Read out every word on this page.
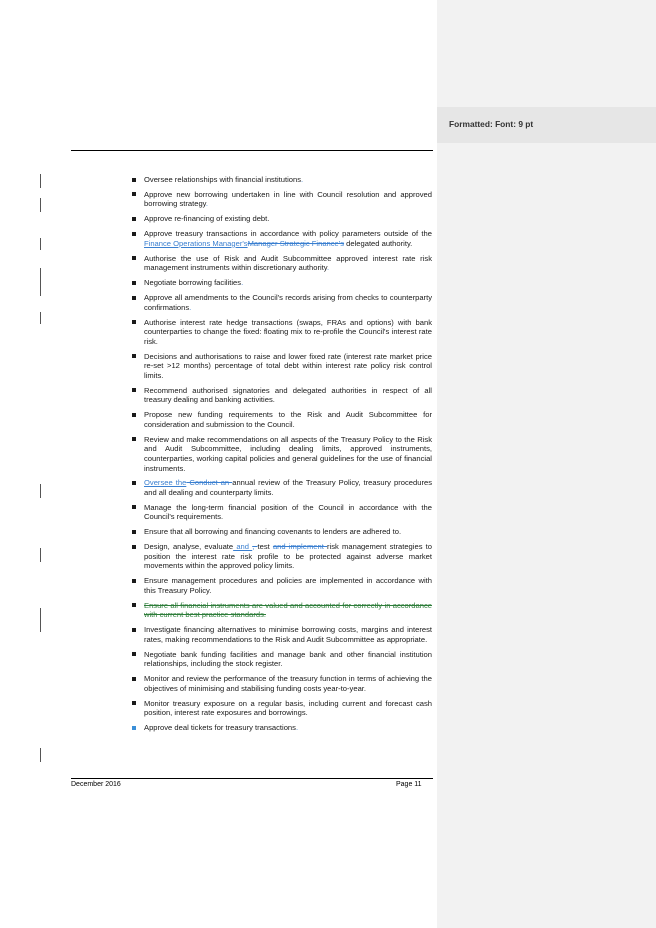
Oversee relationships with financial institutions.
Approve new borrowing undertaken in line with Council resolution and approved borrowing strategy.
Approve re-financing of existing debt.
Approve treasury transactions in accordance with policy parameters outside of the Finance Operations Manager'sManager Strategic Finance's delegated authority.
Authorise the use of Risk and Audit Subcommittee approved interest rate risk management instruments within discretionary authority.
Negotiate borrowing facilities.
Approve all amendments to the Council's records arising from checks to counterparty confirmations.
Authorise interest rate hedge transactions (swaps, FRAs and options) with bank counterparties to change the fixed: floating mix to re-profile the Council's interest rate risk.
Decisions and authorisations to raise and lower fixed rate (interest rate market price re-set >12 months) percentage of total debt within interest rate policy risk control limits.
Recommend authorised signatories and delegated authorities in respect of all treasury dealing and banking activities.
Propose new funding requirements to the Risk and Audit Subcommittee for consideration and submission to the Council.
Review and make recommendations on all aspects of the Treasury Policy to the Risk and Audit Subcommittee, including dealing limits, approved instruments, counterparties, working capital policies and general guidelines for the use of financial instruments.
Oversee the Conduct an annual review of the Treasury Policy, treasury procedures and all dealing and counterparty limits.
Manage the long-term financial position of the Council in accordance with the Council's requirements.
Ensure that all borrowing and financing covenants to lenders are adhered to.
Design, analyse, evaluate and , test and implement risk management strategies to position the interest rate risk profile to be protected against adverse market movements within the approved policy limits.
Ensure management procedures and policies are implemented in accordance with this Treasury Policy.
Ensure all financial instruments are valued and accounted for correctly in accordance with current best practice standards.
Investigate financing alternatives to minimise borrowing costs, margins and interest rates, making recommendations to the Risk and Audit Subcommittee as appropriate.
Negotiate bank funding facilities and manage bank and other financial institution relationships, including the stock register.
Monitor and review the performance of the treasury function in terms of achieving the objectives of minimising and stabilising funding costs year-to-year.
Monitor treasury exposure on a regular basis, including current and forecast cash position, interest rate exposures and borrowings.
Approve deal tickets for treasury transactions.
December 2016	Page 11
Formatted: Font: 9 pt
